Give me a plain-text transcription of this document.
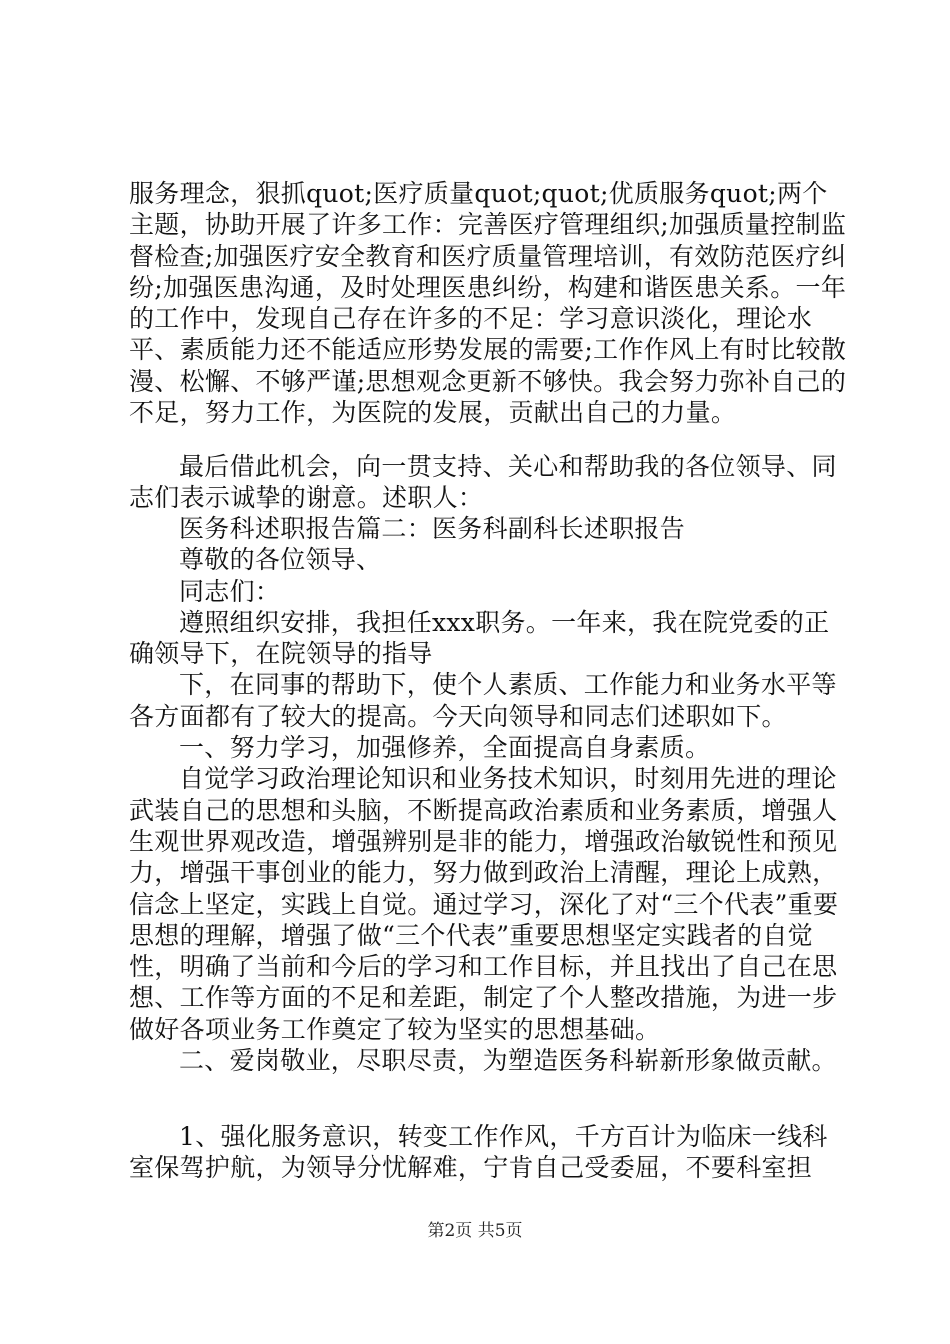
服务理念，狠抓quot;医疗质量quot;quot;优质服务quot;两个主题，协助开展了许多工作：完善医疗管理组织;加强质量控制监督检查;加强医疗安全教育和医疗质量管理培训，有效防范医疗纠纷;加强医患沟通，及时处理医患纠纷，构建和谐医患关系。一年的工作中，发现自己存在许多的不足：学习意识淡化，理论水平、素质能力还不能适应形势发展的需要;工作作风上有时比较散漫、松懈、不够严谨;思想观念更新不够快。我会努力弥补自己的不足，努力工作，为医院的发展，贡献出自己的力量。

最后借此机会，向一贯支持、关心和帮助我的各位领导、同志们表示诚挚的谢意。述职人：

医务科述职报告篇二：医务科副科长述职报告

尊敬的各位领导、

同志们：

遵照组织安排，我担任xxx职务。一年来，我在院党委的正确领导下，在院领导的指导

下，在同事的帮助下，使个人素质、工作能力和业务水平等各方面都有了较大的提高。今天向领导和同志们述职如下。

一、努力学习，加强修养，全面提高自身素质。

自觉学习政治理论知识和业务技术知识，时刻用先进的理论武装自己的思想和头脑，不断提高政治素质和业务素质，增强人生观世界观改造，增强辨别是非的能力，增强政治敏锐性和预见力，增强干事创业的能力，努力做到政治上清醒，理论上成熟，信念上坚定，实践上自觉。通过学习，深化了对“三个代表”重要思想的理解，增强了做“三个代表”重要思想坚定实践者的自觉性，明确了当前和今后的学习和工作目标，并且找出了自己在思想、工作等方面的不足和差距，制定了个人整改措施，为进一步做好各项业务工作奠定了较为坚实的思想基础。

二、爱岗敬业，尽职尽责，为塑造医务科崭新形象做贡献。

1、强化服务意识，转变工作作风，千方百计为临床一线科室保驾护航，为领导分忧解难，宁肯自己受委屈，不要科室担

第2页 共5页
